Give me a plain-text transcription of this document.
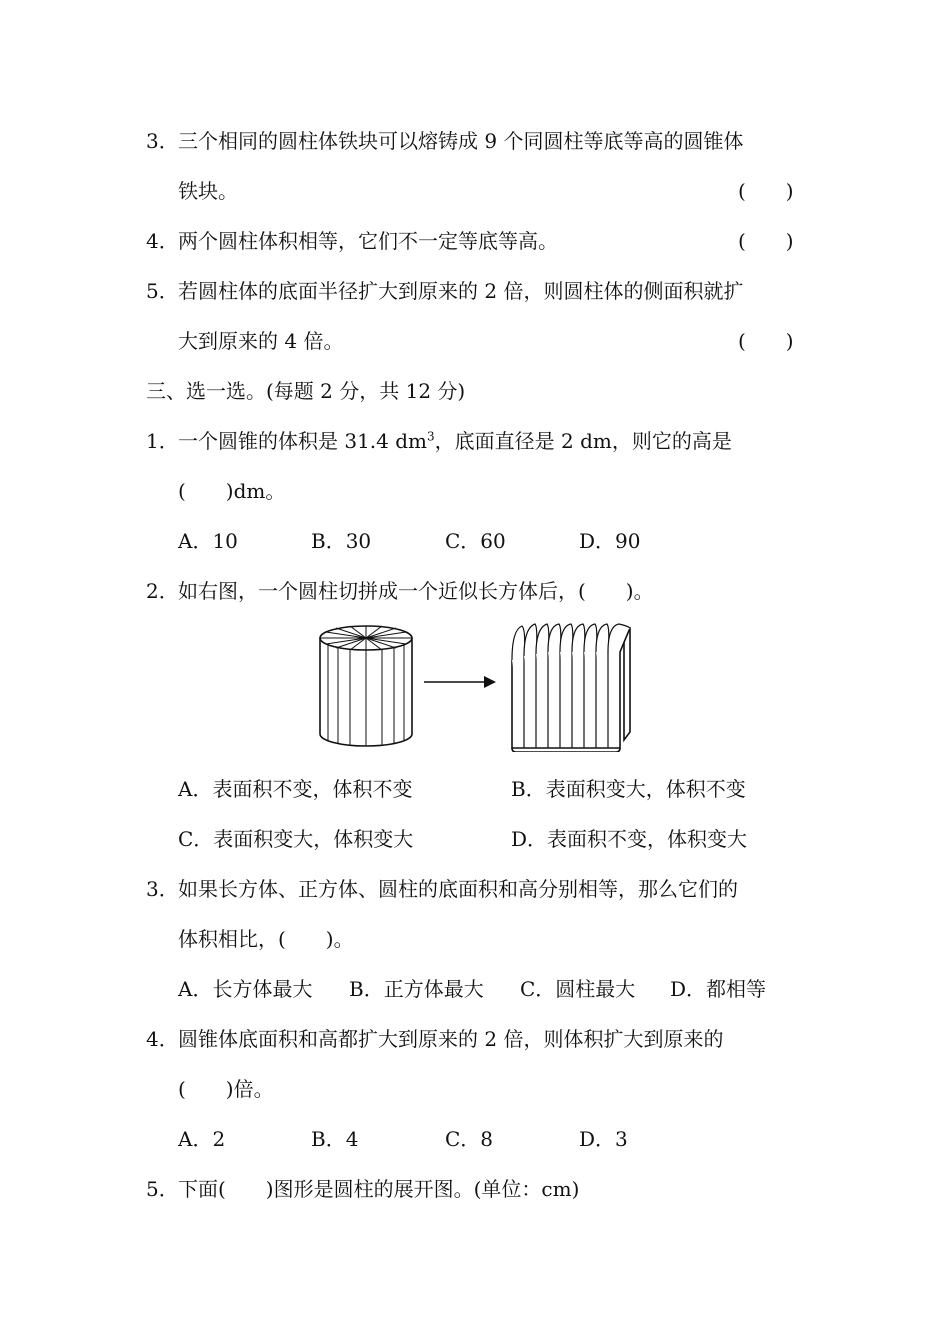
3． 三个相同的圆柱体铁块可以熔铸成 9 个同圆柱等底等高的圆锥体
铁块。	(　　)
4． 两个圆柱体积相等，它们不一定等底等高。	(　　)
5． 若圆柱体的底面半径扩大到原来的 2 倍，则圆柱体的侧面积就扩
大到原来的 4 倍。	(　　)
三、选一选。(每题 2 分，共 12 分)
1． 一个圆锥的体积是 31.4 $dm^3$，底面直径是 2 dm，则它的高是
(　　)dm。
A．10	B．30	C．60	D．90
2． 如右图，一个圆柱切拼成一个近似长方体后，(　　)。
A．表面积不变，体积不变	B．表面积变大，体积不变
C．表面积变大，体积变大	D．表面积不变，体积变大
3． 如果长方体、正方体、圆柱的底面积和高分别相等，那么它们的
体积相比，(　　)。
A．长方体最大 B．正方体最大 C．圆柱最大 D．都相等
4． 圆锥体底面积和高都扩大到原来的 2 倍，则体积扩大到原来的
(　　)倍。
A．2	B．4	C．8	D．3
5． 下面(　　)图形是圆柱的展开图。(单位：cm)
